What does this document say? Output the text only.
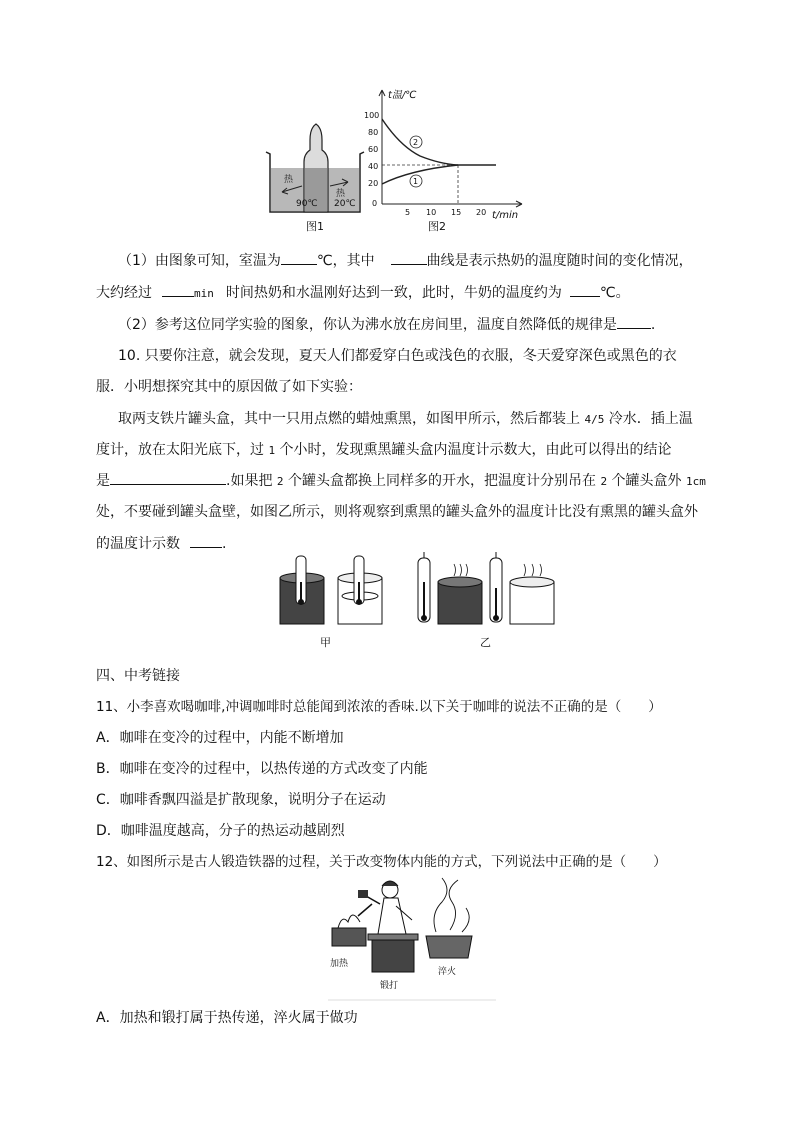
热
热
90℃ 20℃
图1
t温/℃
t/min
100
80
60
40
20
0
5 10 15 20
2
1
图2
（1）由图象可知，室温为	℃，其中	曲线是表示热奶的温度随时间的变化情况，
大约经过	min 时间热奶和水温刚好达到一致，此时，牛奶的温度约为	℃。
（2）参考这位同学实验的图象，你认为沸水放在房间里，温度自然降低的规律是 .
10. 只要你注意，就会发现，夏天人们都爱穿白色或浅色的衣服，冬天爱穿深色或黑色的衣
服．小明想探究其中的原因做了如下实验：
取两支铁片罐头盒，其中一只用点燃的蜡烛熏黑，如图甲所示，然后都装上 4/5 冷水．插上温
度计，放在太阳光底下，过 1 个小时，发现熏黑罐头盒内温度计示数大，由此可以得出的结论
是	.如果把 2 个罐头盒都换上同样多的开水，把温度计分别吊在 2 个罐头盒外 1cm
处，不要碰到罐头盒壁，如图乙所示，则将观察到熏黑的罐头盒外的温度计比没有熏黑的罐头盒外
的温度计示数	.
甲	乙
四、中考链接
11、小李喜欢喝咖啡,冲调咖啡时总能闻到浓浓的香味.以下关于咖啡的说法不正确的是（　　）
A．咖啡在变冷的过程中，内能不断增加
B．咖啡在变冷的过程中，以热传递的方式改变了内能
C．咖啡香飘四溢是扩散现象，说明分子在运动
D．咖啡温度越高，分子的热运动越剧烈
12、如图所示是古人锻造铁器的过程，关于改变物体内能的方式，下列说法中正确的是（　　）
加热
锻打
淬火
A．加热和锻打属于热传递，淬火属于做功
